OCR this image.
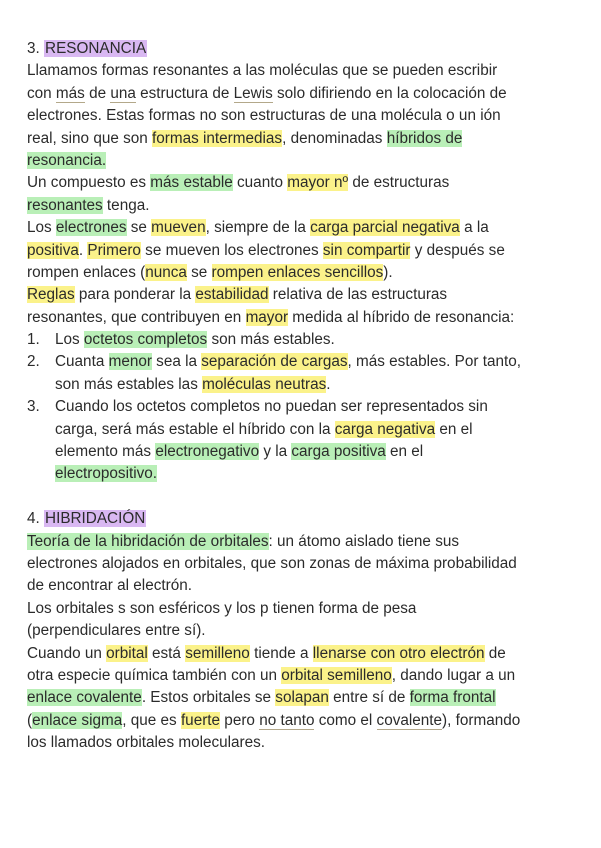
3. RESONANCIA
Llamamos formas resonantes a las moléculas que se pueden escribir
con más de una estructura de Lewis solo difiriendo en la colocación de
electrones. Estas formas no son estructuras de una molécula o un ión
real, sino que son formas intermedias, denominadas híbridos de
resonancia.
Un compuesto es más estable cuanto mayor nº de estructuras
resonantes tenga.
Los electrones se mueven, siempre de la carga parcial negativa a la
positiva. Primero se mueven los electrones sin compartir y después se
rompen enlaces (nunca se rompen enlaces sencillos).
Reglas para ponderar la estabilidad relativa de las estructuras
resonantes, que contribuyen en mayor medida al híbrido de resonancia:
1. Los octetos completos son más estables.
2. Cuanta menor sea la separación de cargas, más estables. Por tanto,
son más estables las moléculas neutras.
3. Cuando los octetos completos no puedan ser representados sin
carga, será más estable el híbrido con la carga negativa en el
elemento más electronegativo y la carga positiva en el
electropositivo.
4. HIBRIDACIÓN
Teoría de la hibridación de orbitales: un átomo aislado tiene sus
electrones alojados en orbitales, que son zonas de máxima probabilidad
de encontrar al electrón.
Los orbitales s son esféricos y los p tienen forma de pesa
(perpendiculares entre sí).
Cuando un orbital está semilleno tiende a llenarse con otro electrón de
otra especie química también con un orbital semilleno, dando lugar a un
enlace covalente. Estos orbitales se solapan entre sí de forma frontal
(enlace sigma, que es fuerte pero no tanto como el covalente), formando
los llamados orbitales moleculares.
